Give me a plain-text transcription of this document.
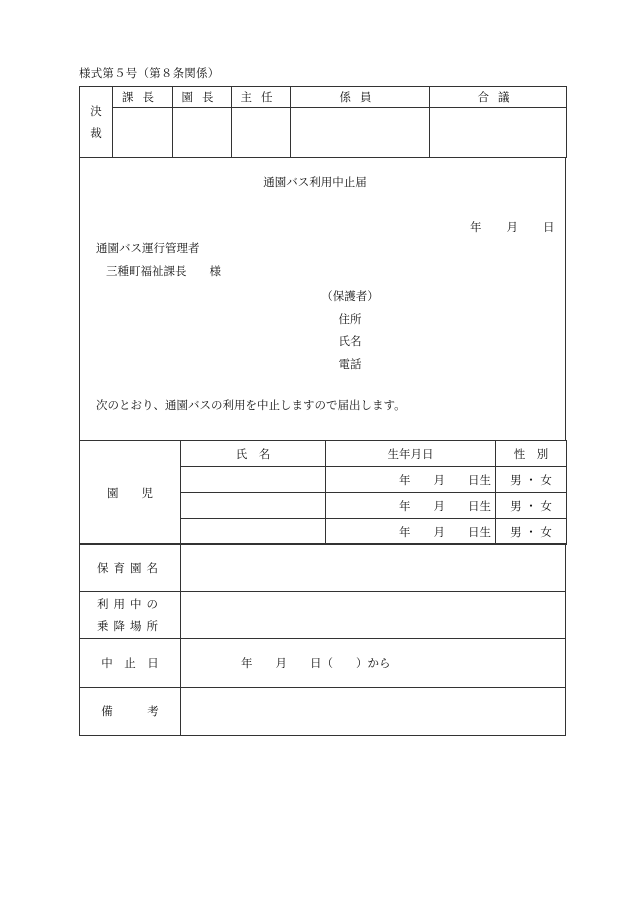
様式第５号（第８条関係）
決
裁	課長	園長	主任	係員	合議

通園バス利用中止届
年 月 日
通園バス運行管理者
三種町福祉課長　　様
（保護者）
住所
氏名
電話
次のとおり、通園バスの利用を中止しますので届出します。
園　　児	氏　名	生年月日	性　別
		年　　月　　日生	男 ・ 女
		年　　月　　日生	男 ・ 女
		年　　月　　日生	男 ・ 女
保育園名	

利用中の
乗降場所	

中　止　日	年　　月　　日（　　）から
備　　　考	
